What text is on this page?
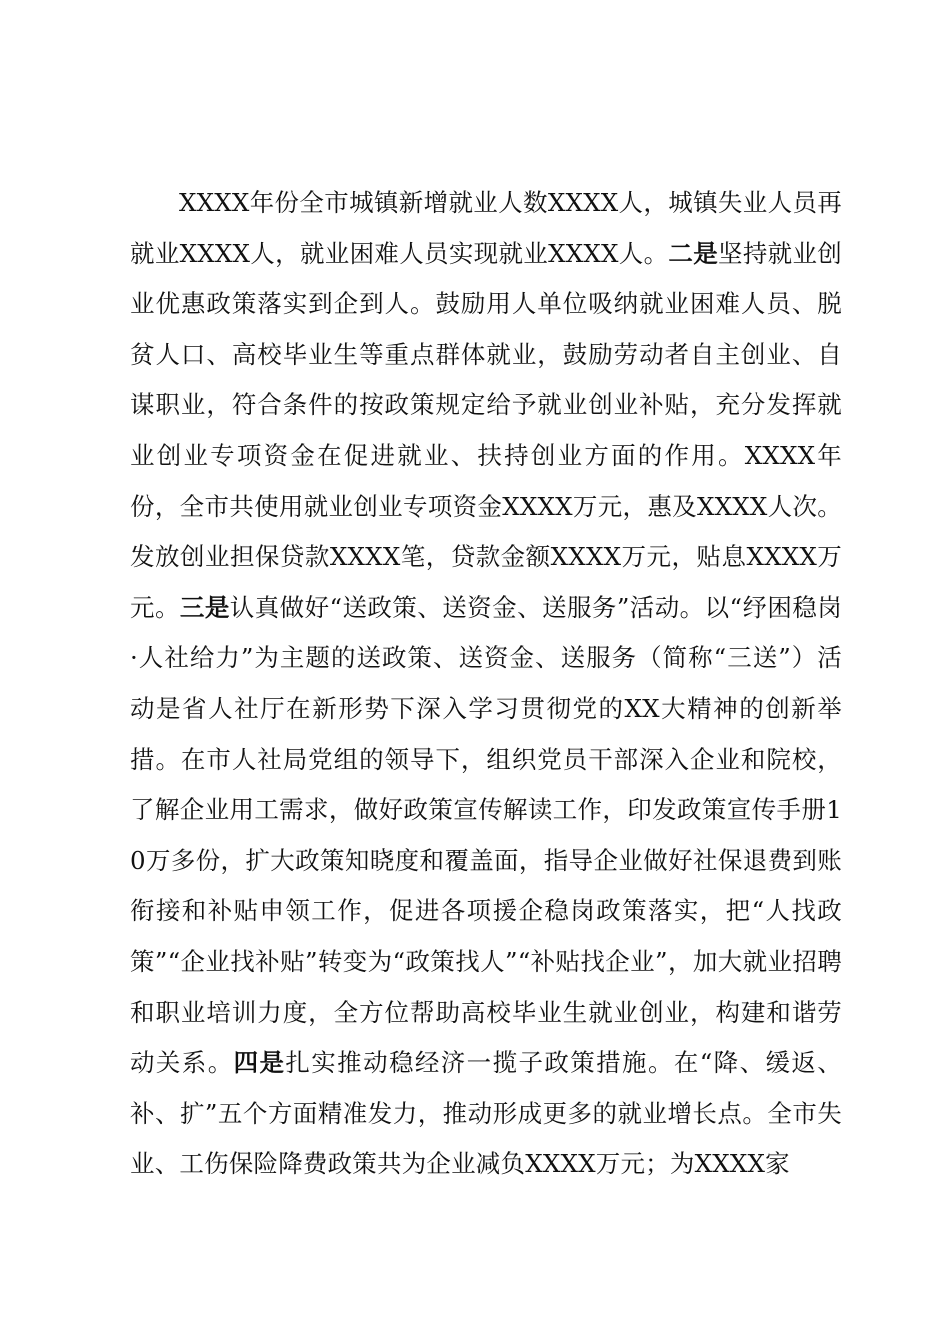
XXXX年份全市城镇新增就业人数XXXX人，城镇失业人员再就业XXXX人，就业困难人员实现就业XXXX人。二是坚持就业创业优惠政策落实到企到人。鼓励用人单位吸纳就业困难人员、脱贫人口、高校毕业生等重点群体就业，鼓励劳动者自主创业、自谋职业，符合条件的按政策规定给予就业创业补贴，充分发挥就业创业专项资金在促进就业、扶持创业方面的作用。XXXX年份，全市共使用就业创业专项资金XXXX万元，惠及XXXX人次。发放创业担保贷款XXXX笔，贷款金额XXXX万元，贴息XXXX万元。三是认真做好“送政策、送资金、送服务”活动。以“纾困稳岗·人社给力”为主题的送政策、送资金、送服务（简称“三送”）活动是省人社厅在新形势下深入学习贯彻党的XX大精神的创新举措。在市人社局党组的领导下，组织党员干部深入企业和院校，了解企业用工需求，做好政策宣传解读工作，印发政策宣传手册10万多份，扩大政策知晓度和覆盖面，指导企业做好社保退费到账衔接和补贴申领工作，促进各项援企稳岗政策落实，把“人找政策”“企业找补贴”转变为“政策找人”“补贴找企业”，加大就业招聘和职业培训力度，全方位帮助高校毕业生就业创业，构建和谐劳动关系。四是扎实推动稳经济一揽子政策措施。在“降、缓返、补、扩”五个方面精准发力，推动形成更多的就业增长点。全市失业、工伤保险降费政策共为企业减负XXXX万元；为XXXX家
